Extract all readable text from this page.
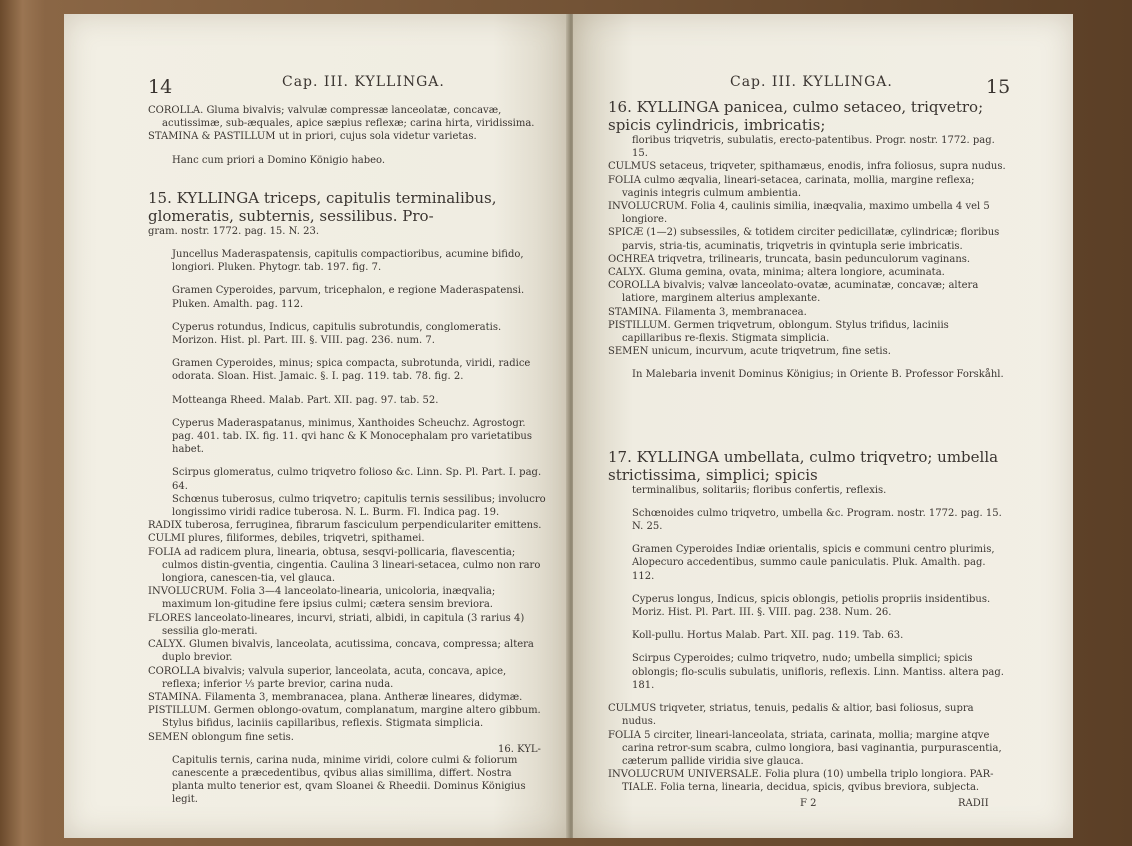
14	Cap. III. KYLLINGA.	15
Cap. III. KYLLINGA.

COROLLA. Gluma bivalvis; valvulæ compressæ lanceolatæ, concavæ, acutissimæ, sub-æquales, apice sæpius reflexæ; carina hirta, viridissima.

STAMINA & PASTILLUM ut in priori, cujus sola videtur varietas.

Hanc cum priori a Domino Königio habeo.

15. KYLLINGA triceps, capitulis terminalibus, glomeratis, subternis, sessilibus. Pro-

gram. nostr. 1772. pag. 15. N. 23.

Juncellus Maderaspatensis, capitulis compactioribus, acumine bifido, longiori. Pluken. Phytogr. tab. 197. fig. 7.

Gramen Cyperoides, parvum, tricephalon, e regione Maderaspatensi. Pluken. Amalth. pag. 112.

Cyperus rotundus, Indicus, capitulis subrotundis, conglomeratis. Morizon. Hist. pl. Part. III. §. VIII. pag. 236. num. 7.

Gramen Cyperoides, minus; spica compacta, subrotunda, viridi, radice odorata. Sloan. Hist. Jamaic. §. I. pag. 119. tab. 78. fig. 2.

Motteanga Rheed. Malab. Part. XII. pag. 97. tab. 52.

Cyperus Maderaspatanus, minimus, Xanthoides Scheuchz. Agrostogr. pag. 401. tab. IX. fig. 11. qvi hanc & K Monocephalam pro varietatibus habet.

Scirpus glomeratus, culmo triqvetro folioso &c. Linn. Sp. Pl. Part. I. pag. 64.

Schœnus tuberosus, culmo triqvetro; capitulis ternis sessilibus; involucro longissimo viridi radice tuberosa. N. L. Burm. Fl. Indica pag. 19.

RADIX tuberosa, ferruginea, fibrarum fasciculum perpendiculariter emittens.

CULMI plures, filiformes, debiles, triqvetri, spithamei.

FOLIA ad radicem plura, linearia, obtusa, sesqvi-pollicaria, flavescentia; culmos distin-gventia, cingentia. Caulina 3 lineari-setacea, culmo non raro longiora, canescen-tia, vel glauca.

INVOLUCRUM. Folia 3—4 lanceolato-linearia, unicoloria, inæqvalia; maximum lon-gitudine fere ipsius culmi; cætera sensim breviora.

FLORES lanceolato-lineares, incurvi, striati, albidi, in capitula (3 rarius 4) sessilia glo-merati.

CALYX. Glumen bivalvis, lanceolata, acutissima, concava, compressa; altera duplo brevior.

COROLLA bivalvis; valvula superior, lanceolata, acuta, concava, apice, reflexa; inferior ⅓ parte brevior, carina nuda.

STAMINA. Filamenta 3, membranacea, plana. Antheræ lineares, didymæ.

PISTILLUM. Germen oblongo-ovatum, complanatum, margine altero gibbum. Stylus bifidus, laciniis capillaribus, reflexis. Stigmata simplicia.

SEMEN oblongum fine setis.

Capitulis ternis, carina nuda, minime viridi, colore culmi & foliorum canescente a præcedentibus, qvibus alias simillima, differt. Nostra planta multo tenerior est, qvam Sloanei & Rheedii. Dominus Königius legit.

16. KYLLINGA panicea, culmo setaceo, triqvetro; spicis cylindricis, imbricatis;

floribus triqvetris, subulatis, erecto-patentibus. Progr. nostr. 1772. pag. 15.

CULMUS setaceus, triqveter, spithamæus, enodis, infra foliosus, supra nudus.

FOLIA culmo æqvalia, lineari-setacea, carinata, mollia, margine reflexa; vaginis integris culmum ambientia.

INVOLUCRUM. Folia 4, caulinis similia, inæqvalia, maximo umbella 4 vel 5 longiore.

SPICÆ (1—2) subsessiles, & totidem circiter pedicillatæ, cylindricæ; floribus parvis, stria-tis, acuminatis, triqvetris in qvintupla serie imbricatis.

OCHREA triqvetra, trilinearis, truncata, basin pedunculorum vaginans.

CALYX. Gluma gemina, ovata, minima; altera longiore, acuminata.

COROLLA bivalvis; valvæ lanceolato-ovatæ, acuminatæ, concavæ; altera latiore, marginem alterius amplexante.

STAMINA. Filamenta 3, membranacea.

PISTILLUM. Germen triqvetrum, oblongum. Stylus trifidus, laciniis capillaribus re-flexis. Stigmata simplicia.

SEMEN unicum, incurvum, acute triqvetrum, fine setis.

In Malebaria invenit Dominus Königius; in Oriente B. Professor Forskåhl.

17. KYLLINGA umbellata, culmo triqvetro; umbella strictissima, simplici; spicis

terminalibus, solitariis; floribus confertis, reflexis.

Schœnoides culmo triqvetro, umbella &c. Program. nostr. 1772. pag. 15. N. 25.

Gramen Cyperoides Indiæ orientalis, spicis e communi centro plurimis, Alopecuro accedentibus, summo caule paniculatis. Pluk. Amalth. pag. 112.

Cyperus longus, Indicus, spicis oblongis, petiolis propriis insidentibus. Moriz. Hist. Pl. Part. III. §. VIII. pag. 238. Num. 26.

Koll-pullu. Hortus Malab. Part. XII. pag. 119. Tab. 63.

Scirpus Cyperoides; culmo triqvetro, nudo; umbella simplici; spicis oblongis; flo-sculis subulatis, unifloris, reflexis. Linn. Mantiss. altera pag. 181.

CULMUS triqveter, striatus, tenuis, pedalis & altior, basi foliosus, supra nudus.

FOLIA 5 circiter, lineari-lanceolata, striata, carinata, mollia; margine atqve carina retror-sum scabra, culmo longiora, basi vaginantia, purpurascentia, cæterum pallide viridia sive glauca.

INVOLUCRUM UNIVERSALE. Folia plura (10) umbella triplo longiora. PAR-TIALE. Folia terna, linearia, decidua, spicis, qvibus breviora, subjecta.

16. KYL-
F 2	RADII
